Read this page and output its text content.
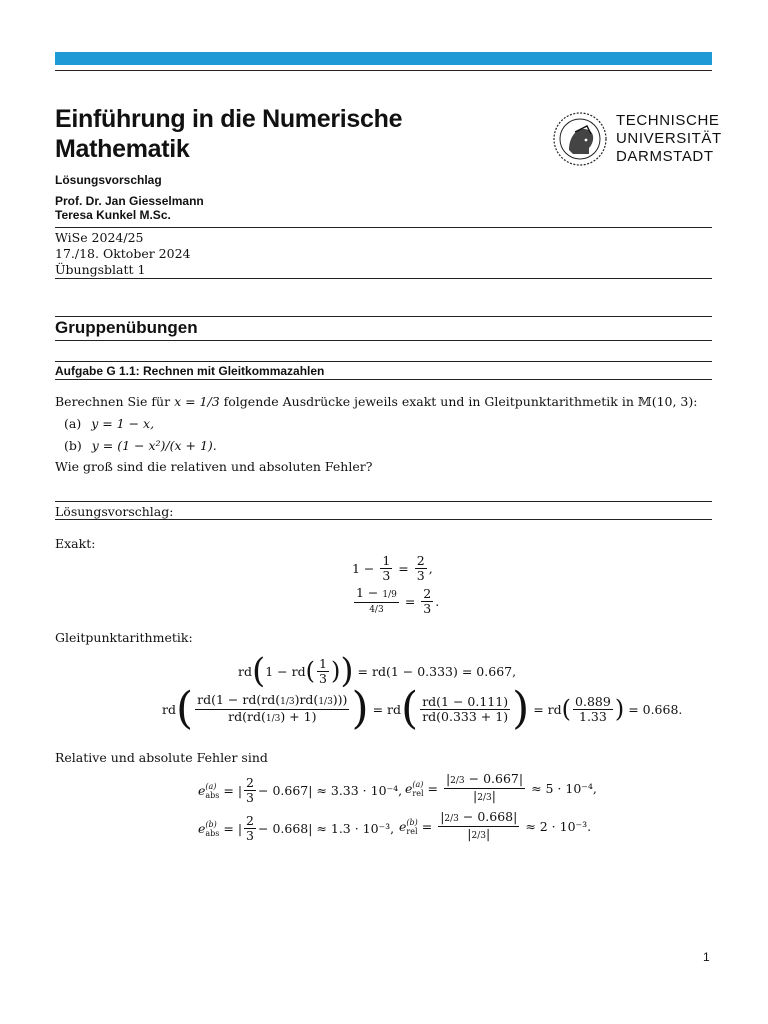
Einführung in die Numerische
Mathematik
TECHNISCHE
UNIVERSITÄT
DARMSTADT
Lösungsvorschlag
Prof. Dr. Jan Giesselmann
Teresa Kunkel M.Sc.
WiSe 2024/25
17./18. Oktober 2024
Übungsblatt 1
Gruppenübungen
Aufgabe G 1.1: Rechnen mit Gleitkommazahlen
Berechnen Sie für x = 1/3 folgende Ausdrücke jeweils exakt und in Gleitpunktarithmetik in 𝕄(10, 3):
(a) y = 1 − x,
(b) y = (1 − x²)/(x + 1).
Wie groß sind die relativen und absoluten Fehler?
Lösungsvorschlag:
Exakt:
$1 - \frac{1}{3} = \frac{2}{3}$ ,
$\frac{1 - 1/9}{4/3} = \frac{2}{3}$ .
Gleitpunktarithmetik:
rd ( 1 − rd ( $\frac{1}{3}$ ) ) = rd(1 − 0.333) = 0.667,
rd ( $\frac{rd(1 - rd(rd(1/3)rd(1/3)))}{rd(rd(1/3) + 1)}$ ) = rd ( $\frac{rd(1 - 0.111)}{rd(0.333 + 1)}$ ) = rd ( $\frac{0.889}{1.33}$ )
= 0.668.
Relative und absolute Fehler sind
e (a)
abs = | $\frac{2}{3} - 0.667| \approx 3.33 \cdot 10^{-4}$, e (a)
rel = $\frac{|2/3 - 0.667|}{|2/3|}$
≈ 5 · 10⁻⁴,
e (b)
abs = | $\frac{2}{3} - 0.668| \approx 1.3 \cdot 10^{-3}$, e (b)
rel = $\frac{|2/3 - 0.668|}{|2/3|}$
≈ 2 · 10⁻³.
1
